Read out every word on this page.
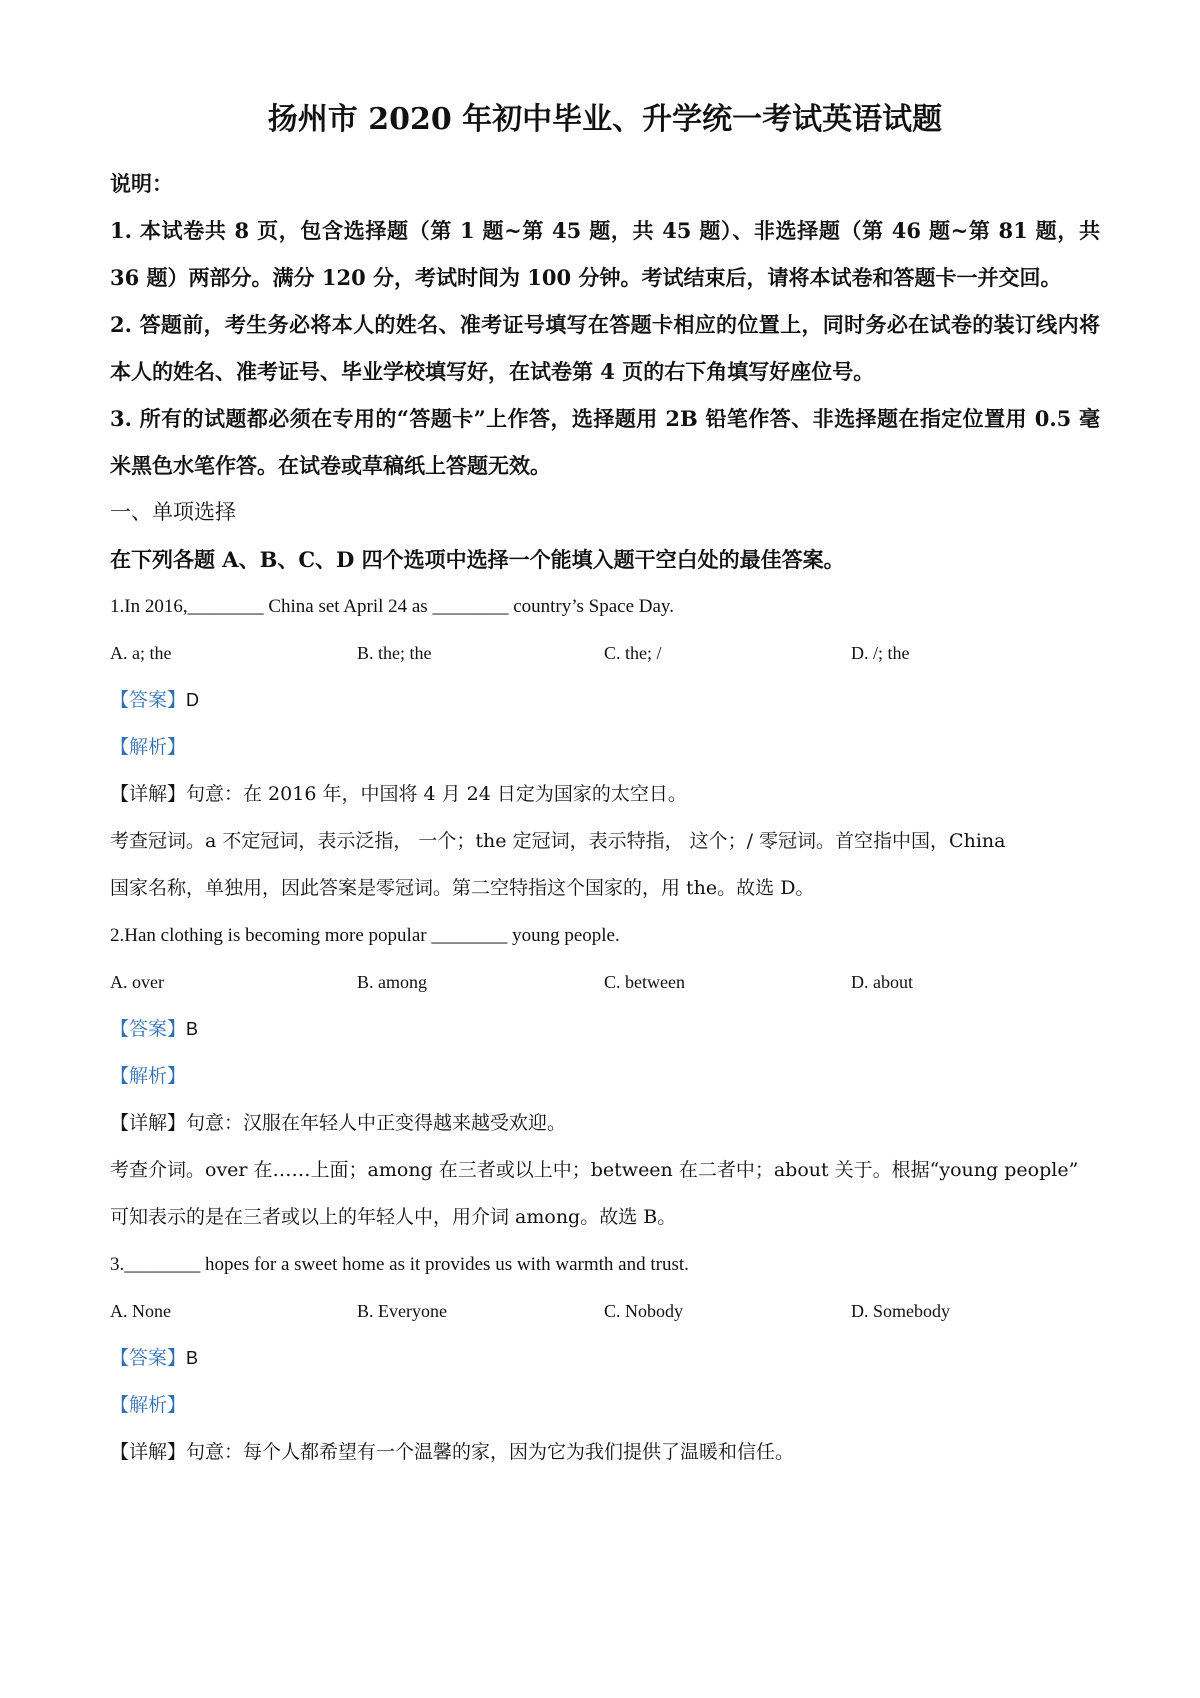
扬州市 2020 年初中毕业、升学统一考试英语试题

说明：

1. 本试卷共 8 页，包含选择题（第 1 题~第 45 题，共 45 题）、非选择题（第 46 题~第 81 题，共 36 题）两部分。满分 120 分，考试时间为 100 分钟。考试结束后，请将本试卷和答题卡一并交回。

2. 答题前，考生务必将本人的姓名、准考证号填写在答题卡相应的位置上，同时务必在试卷的装订线内将本人的姓名、准考证号、毕业学校填写好，在试卷第 4 页的右下角填写好座位号。

3. 所有的试题都必须在专用的“答题卡”上作答，选择题用 2B 铅笔作答、非选择题在指定位置用 0.5 毫米黑色水笔作答。在试卷或草稿纸上答题无效。

一、单项选择

在下列各题 A、B、C、D 四个选项中选择一个能填入题干空白处的最佳答案。

1.In 2016,________ China set April 24 as ________ country’s Space Day.

A. a; the	B. the; the	C. the; /	D. /; the

【答案】D

【解析】

【详解】句意：在 2016 年，中国将 4 月 24 日定为国家的太空日。

考查冠词。a 不定冠词，表示泛指， 一个；the 定冠词，表示特指， 这个；/ 零冠词。首空指中国，China

国家名称，单独用，因此答案是零冠词。第二空特指这个国家的，用 the。故选 D。

2.Han clothing is becoming more popular ________ young people.

A. over	B. among	C. between	D. about

【答案】B

【解析】

【详解】句意：汉服在年轻人中正变得越来越受欢迎。

考查介词。over 在……上面；among 在三者或以上中；between 在二者中；about 关于。根据“young people”

可知表示的是在三者或以上的年轻人中，用介词 among。故选 B。

3.________ hopes for a sweet home as it provides us with warmth and trust.

A. None	B. Everyone	C. Nobody	D. Somebody

【答案】B

【解析】

【详解】句意：每个人都希望有一个温馨的家，因为它为我们提供了温暖和信任。
